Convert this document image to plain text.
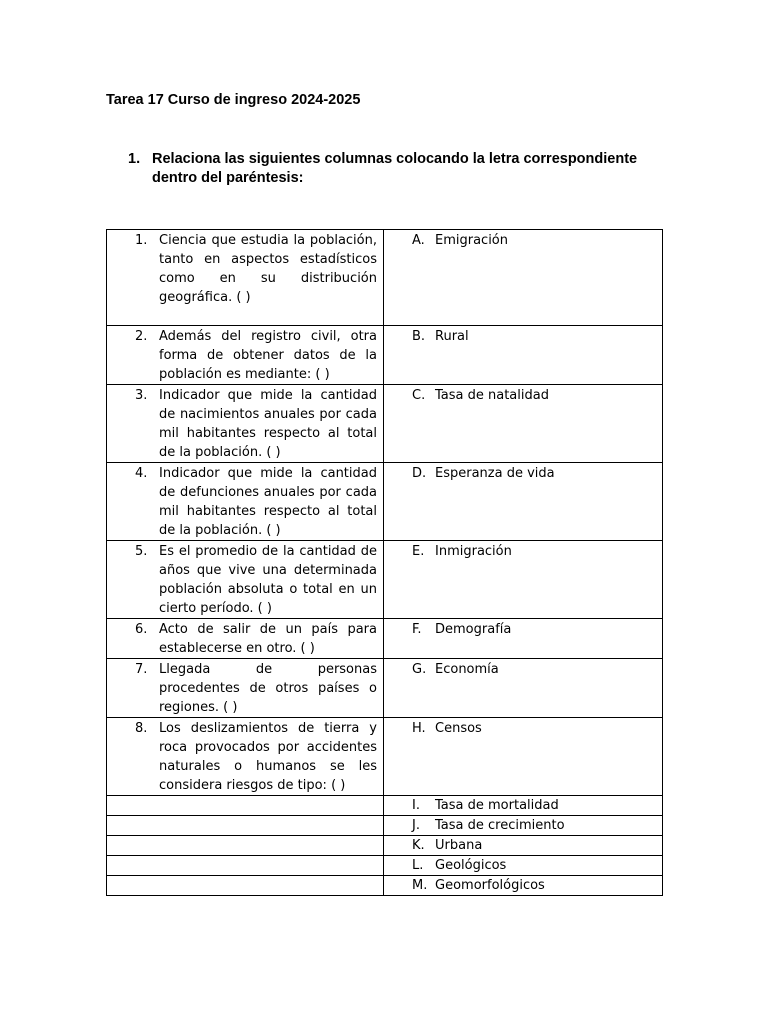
Tarea 17 Curso de ingreso 2024-2025
1. Relaciona las siguientes columnas colocando la letra correspondiente dentro del paréntesis:
1. Ciencia que estudia la población, tanto en aspectos estadísticos como en su distribución geográfica. ( )	A. Emigración

2. Además del registro civil, otra forma de obtener datos de la población es mediante: ( )	B. Rural

3. Indicador que mide la cantidad de nacimientos anuales por cada mil habitantes respecto al total de la población. ( )	C. Tasa de natalidad

4. Indicador que mide la cantidad de defunciones anuales por cada mil habitantes respecto al total de la población. ( )	D. Esperanza de vida

5. Es el promedio de la cantidad de años que vive una determinada población absoluta o total en un cierto período. ( )	E. Inmigración

6. Acto de salir de un país para establecerse en otro. ( )	F. Demografía

7. Llegada de personas procedentes de otros países o regiones. ( )	G. Economía

8. Los deslizamientos de tierra y roca provocados por accidentes naturales o humanos se les considera riesgos de tipo: ( )	H. Censos

	I. Tasa de mortalidad

	J. Tasa de crecimiento

	K. Urbana

	L. Geológicos

	M. Geomorfológicos
